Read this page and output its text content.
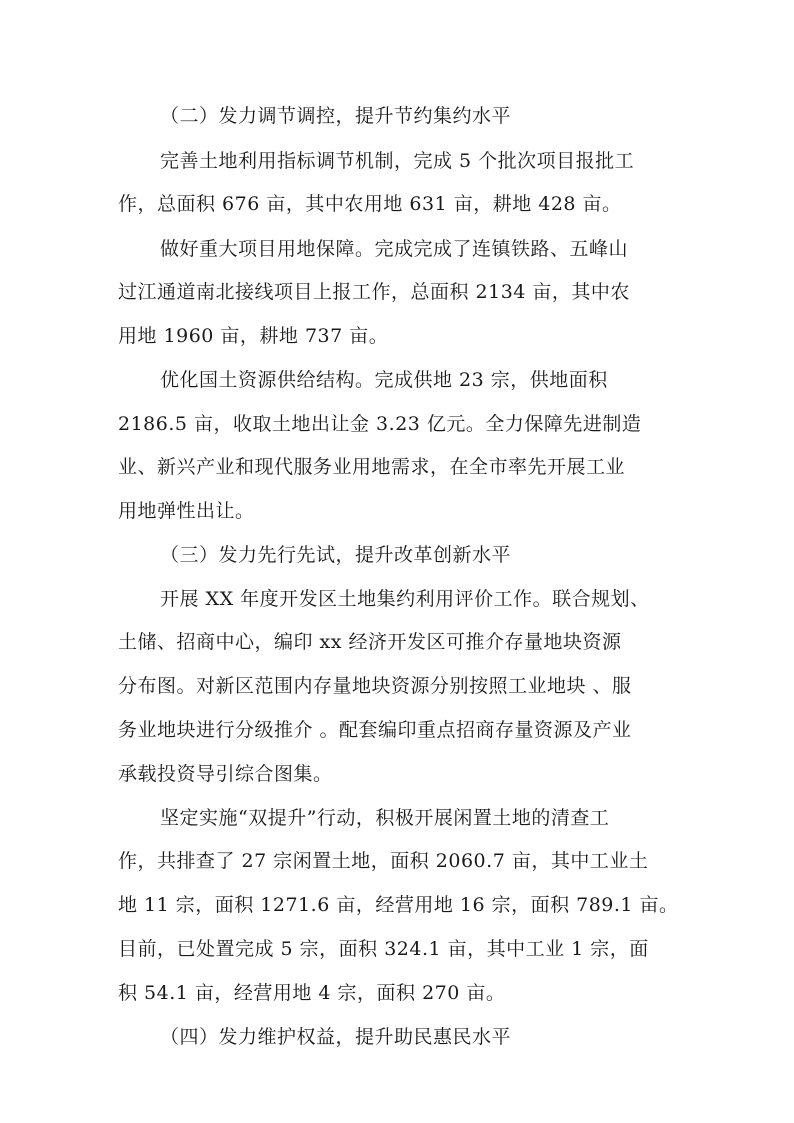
（二）发力调节调控，提升节约集约水平
完善土地利用指标调节机制，完成 5 个批次项目报批工
作，总面积 676 亩，其中农用地 631 亩，耕地 428 亩。
做好重大项目用地保障。完成完成了连镇铁路、五峰山
过江通道南北接线项目上报工作，总面积 2134 亩，其中农
用地 1960 亩，耕地 737 亩。
优化国土资源供给结构。完成供地 23 宗，供地面积
2186.5 亩，收取土地出让金 3.23 亿元。全力保障先进制造
业、新兴产业和现代服务业用地需求，在全市率先开展工业
用地弹性出让。
（三）发力先行先试，提升改革创新水平
开展 XX 年度开发区土地集约利用评价工作。联合规划、
土储、招商中心，编印 xx 经济开发区可推介存量地块资源
分布图。对新区范围内存量地块资源分别按照工业地块 、服
务业地块进行分级推介 。配套编印重点招商存量资源及产业
承载投资导引综合图集。
坚定实施“双提升”行动，积极开展闲置土地的清查工
作，共排查了 27 宗闲置土地，面积 2060.7 亩，其中工业土
地 11 宗，面积 1271.6 亩，经营用地 16 宗，面积 789.1 亩。
目前，已处置完成 5 宗，面积 324.1 亩，其中工业 1 宗，面
积 54.1 亩，经营用地 4 宗，面积 270 亩。
（四）发力维护权益，提升助民惠民水平
